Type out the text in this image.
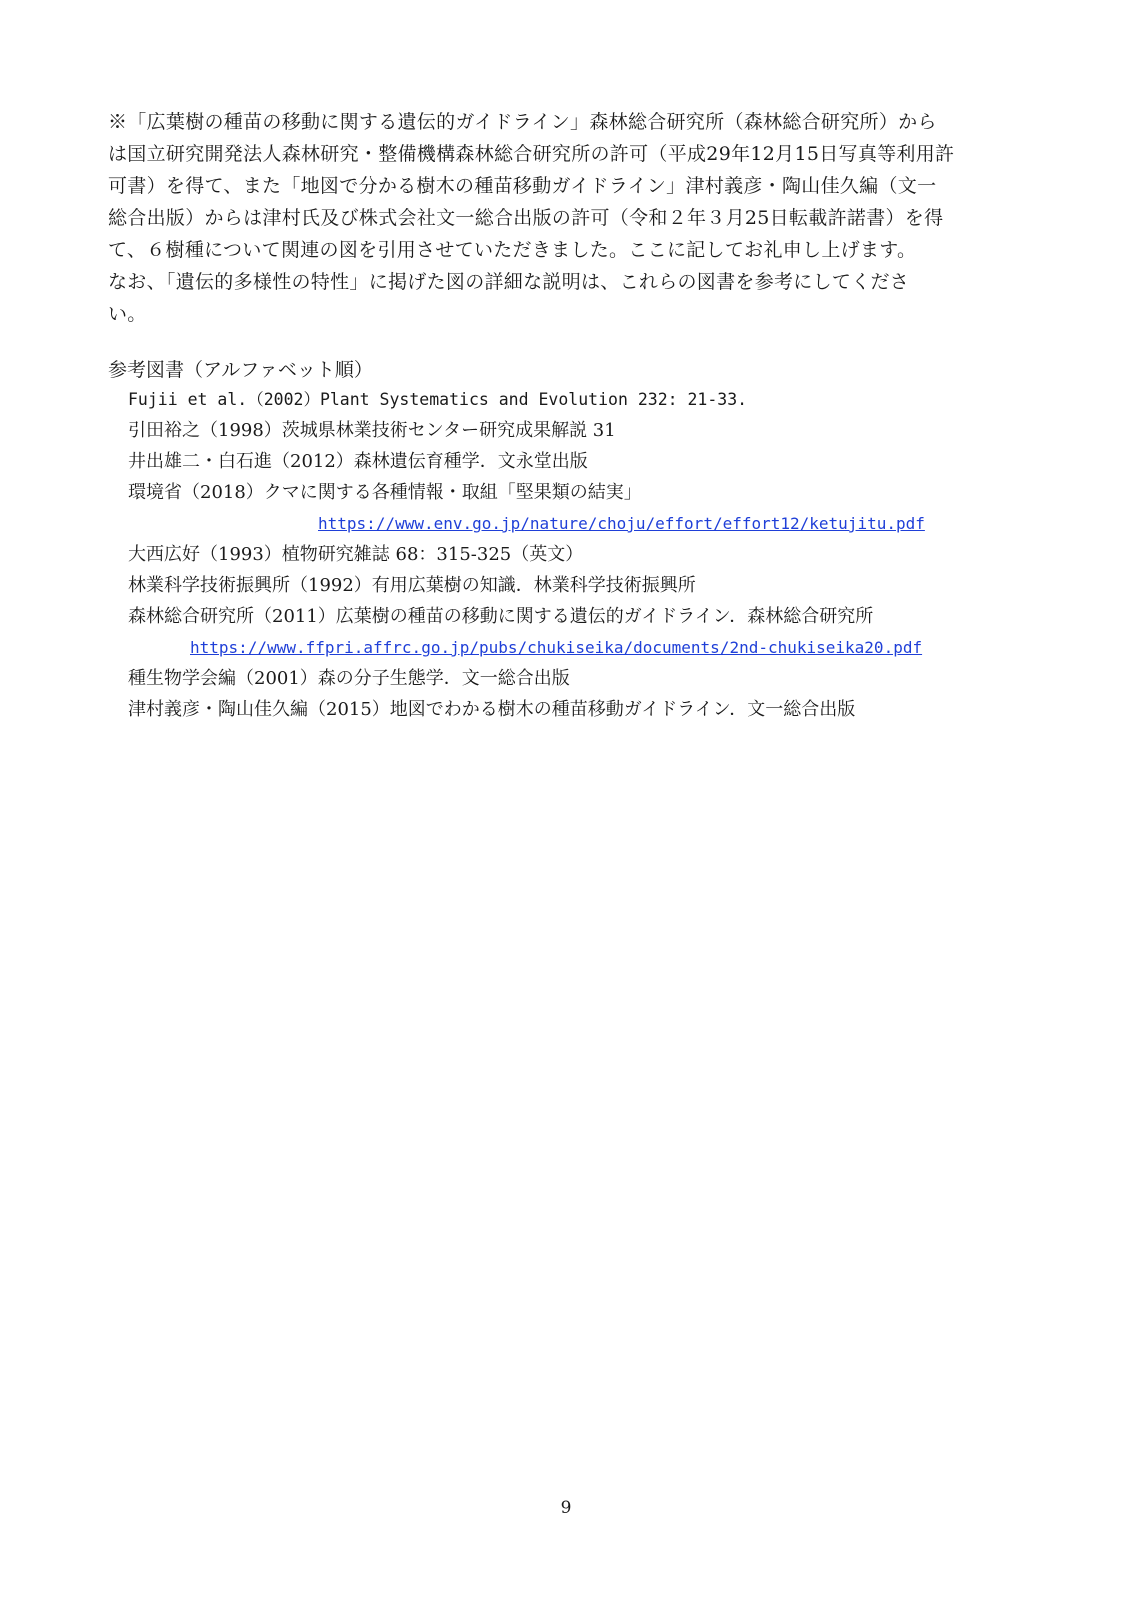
※「広葉樹の種苗の移動に関する遺伝的ガイドライン」森林総合研究所（森林総合研究所）から
は国立研究開発法人森林研究・整備機構森林総合研究所の許可（平成29年12月15日写真等利用許
可書）を得て、また「地図で分かる樹木の種苗移動ガイドライン」津村義彦・陶山佳久編（文一
総合出版）からは津村氏及び株式会社文一総合出版の許可（令和２年３月25日転載許諾書）を得
て、６樹種について関連の図を引用させていただきました。ここに記してお礼申し上げます。
なお、「遺伝的多様性の特性」に掲げた図の詳細な説明は、これらの図書を参考にしてくださ
い。
参考図書（アルファベット順）
Fujii et al.（2002）Plant Systematics and Evolution 232: 21-33.
引田裕之（1998）茨城県林業技術センター研究成果解説 31
井出雄二・白石進（2012）森林遺伝育種学．文永堂出版
環境省（2018）クマに関する各種情報・取組「堅果類の結実」
https://www.env.go.jp/nature/choju/effort/effort12/ketujitu.pdf
大西広好（1993）植物研究雑誌 68：315-325（英文）
林業科学技術振興所（1992）有用広葉樹の知識．林業科学技術振興所
森林総合研究所（2011）広葉樹の種苗の移動に関する遺伝的ガイドライン．森林総合研究所
https://www.ffpri.affrc.go.jp/pubs/chukiseika/documents/2nd-chukiseika20.pdf
種生物学会編（2001）森の分子生態学．文一総合出版
津村義彦・陶山佳久編（2015）地図でわかる樹木の種苗移動ガイドライン．文一総合出版
9
